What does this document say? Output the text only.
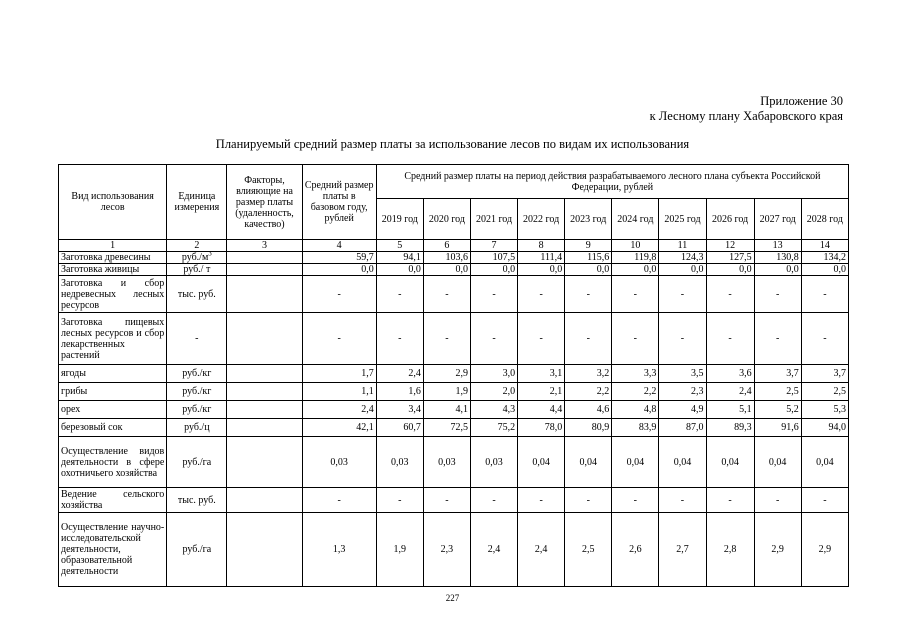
Приложение 30
к Лесному плану Хабаровского края
Планируемый средний размер платы за использование лесов по видам их использования
Вид использования лесов	Единица измерения	Факторы, влияющие на размер платы (удаленность, качество)	Средний размер платы в базовом году, рублей	Средний размер платы на период действия разрабатываемого лесного плана субъекта Российской Федерации, рублей									
				2019 год	2020 год	2021 год	2022 год	2023 год	2024 год	2025 год	2026 год	2027 год	2028 год
1	2	3	4	5	6	7	8	9	10	11	12	13	14
Заготовка древесины	$руб./м^3$		59,7	94,1	103,6	107,5	111,4	115,6	119,8	124,3	127,5	130,8	134,2
Заготовка живицы	руб./ т		0,0	0,0	0,0	0,0	0,0	0,0	0,0	0,0	0,0	0,0	0,0
Заготовка и сбор недревесных лесных ресурсов	тыс. руб.		-	-	-	-	-	-	-	-	-	-	-
Заготовка пищевых лесных ресурсов и сбор лекарственных растений	-		-	-	-	-	-	-	-	-	-	-	-
ягоды	руб./кг		1,7	2,4	2,9	3,0	3,1	3,2	3,3	3,5	3,6	3,7	3,7
грибы	руб./кг		1,1	1,6	1,9	2,0	2,1	2,2	2,2	2,3	2,4	2,5	2,5
орех	руб./кг		2,4	3,4	4,1	4,3	4,4	4,6	4,8	4,9	5,1	5,2	5,3
березовый сок	руб./ц		42,1	60,7	72,5	75,2	78,0	80,9	83,9	87,0	89,3	91,6	94,0
Осуществление видов деятельности в сфере охотничьего хозяйства	руб./га		0,03	0,03	0,03	0,03	0,04	0,04	0,04	0,04	0,04	0,04	0,04
Ведение сельского хозяйства	тыс. руб.		-	-	-	-	-	-	-	-	-	-	-
Осуществление научно-исследовательской деятельности, образовательной деятельности	руб./га		1,3	1,9	2,3	2,4	2,4	2,5	2,6	2,7	2,8	2,9	2,9
227
